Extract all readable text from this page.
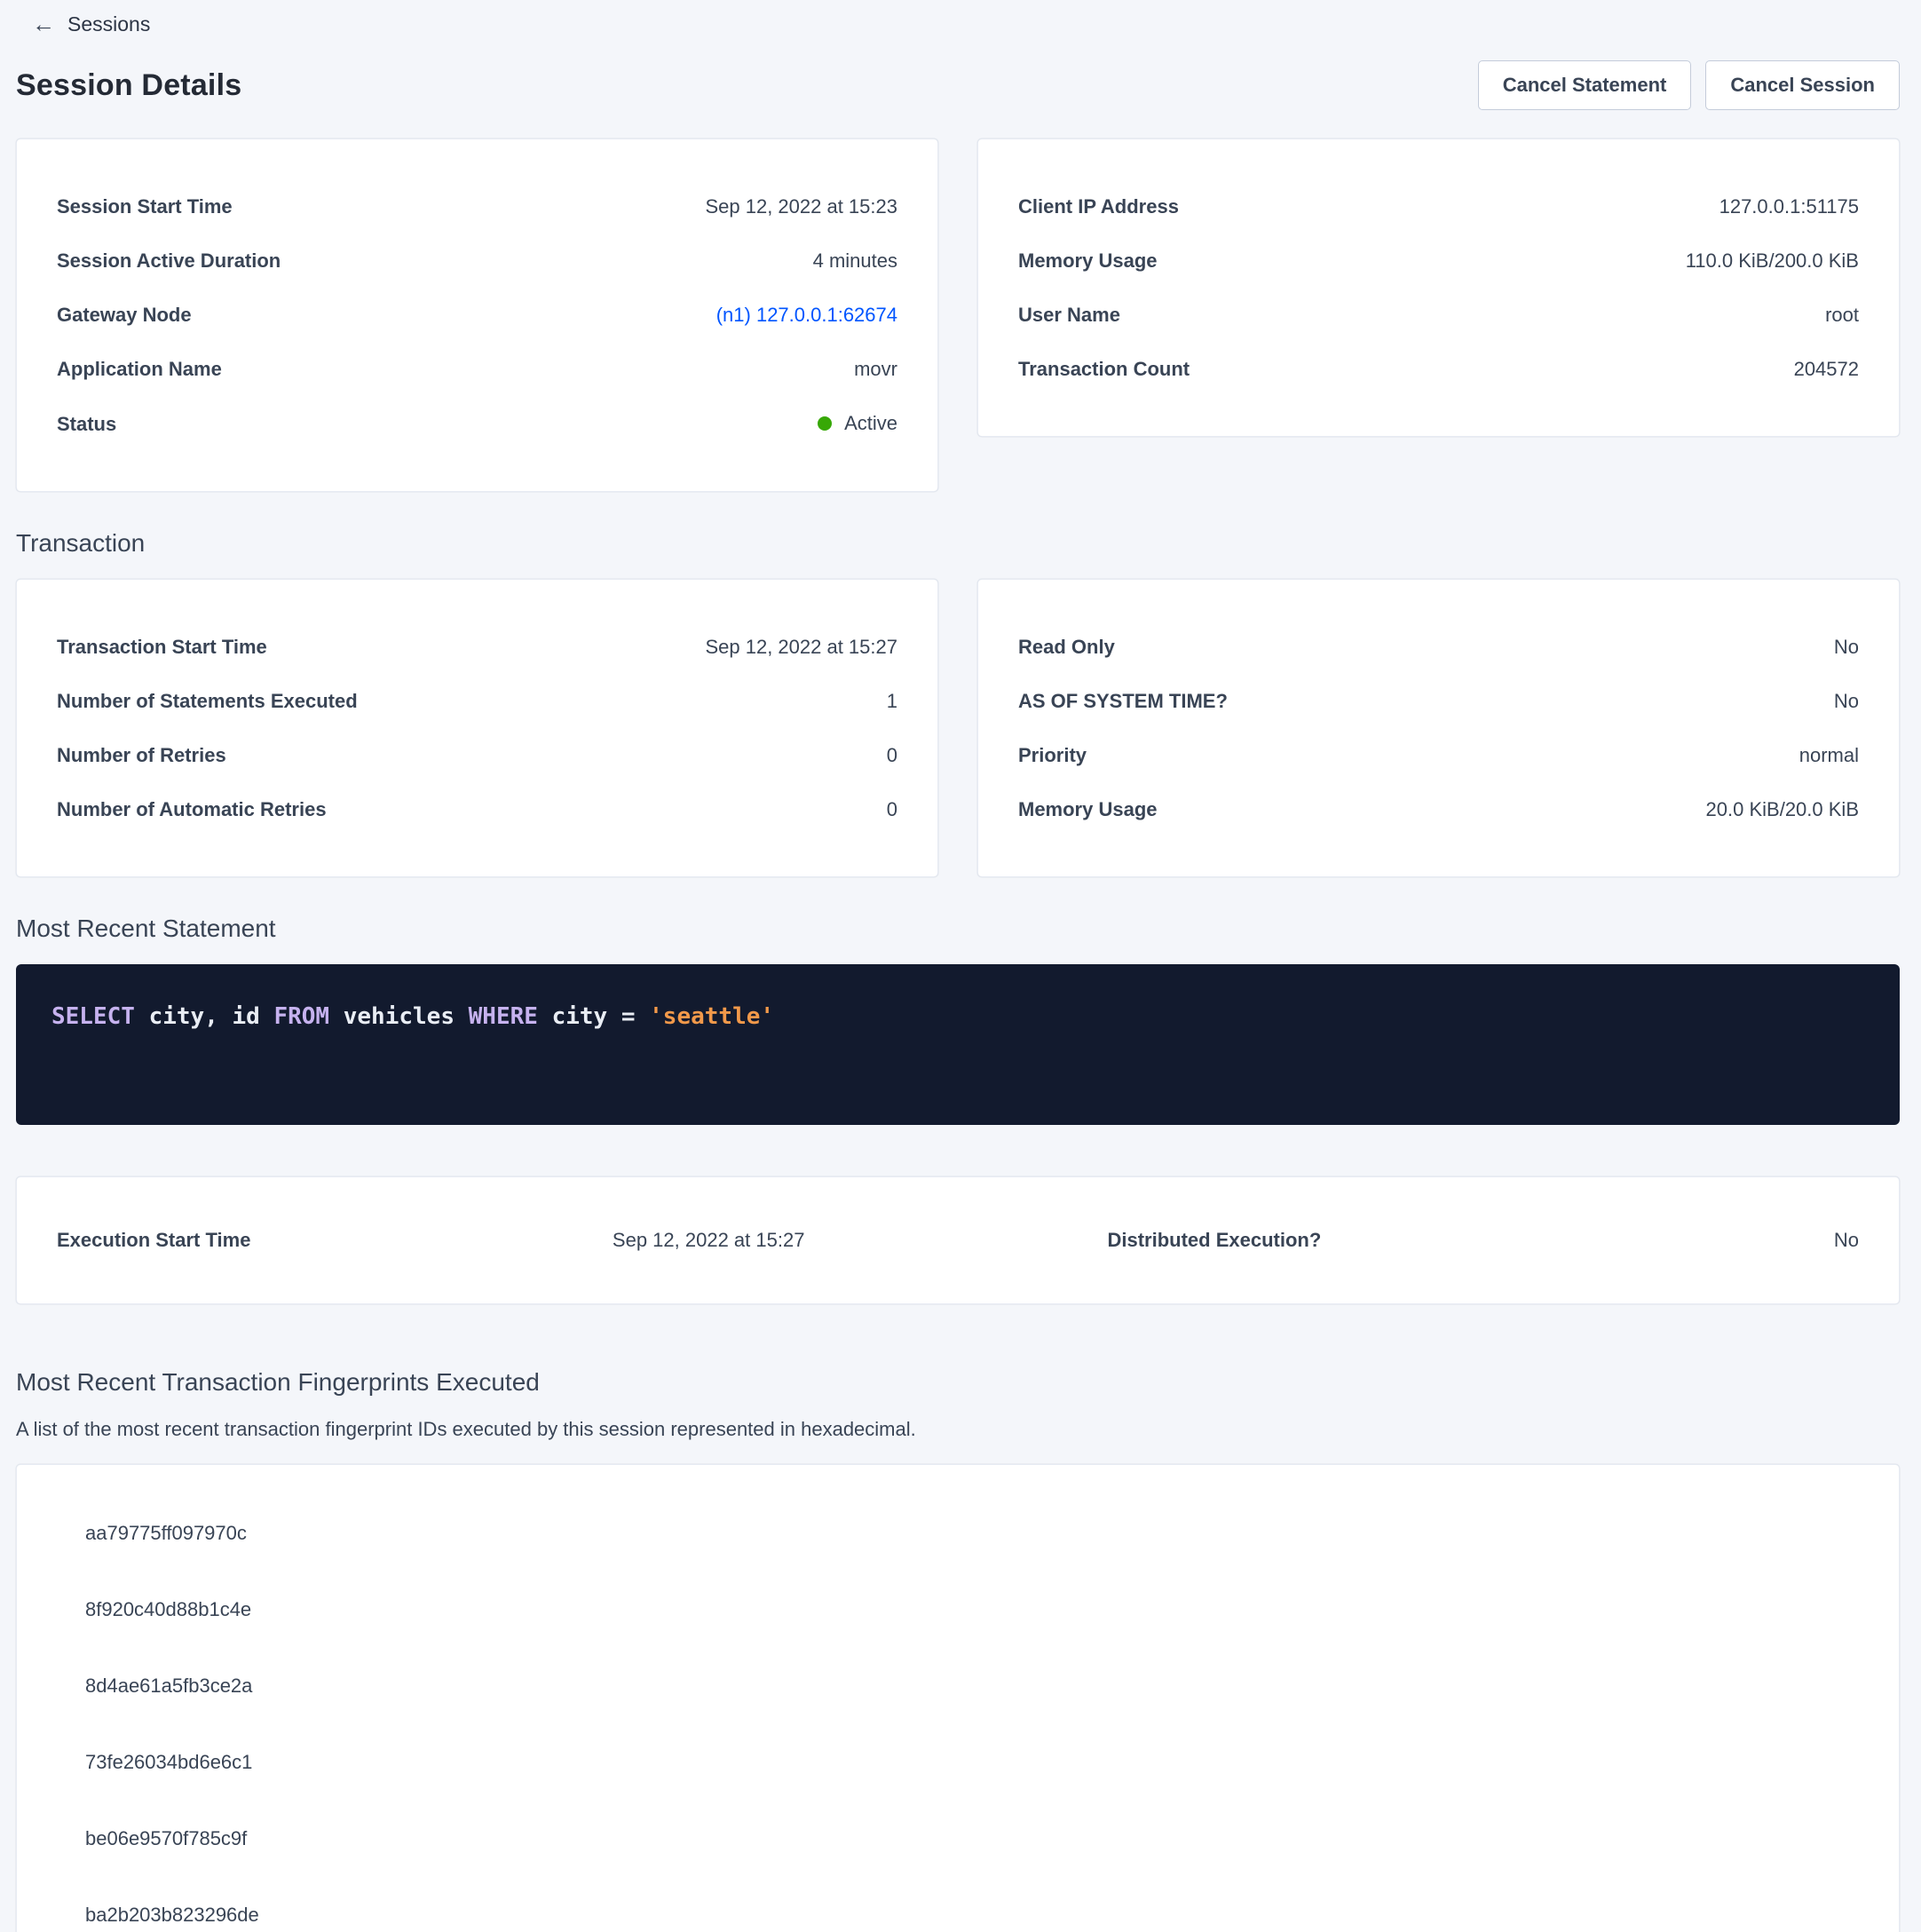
← Sessions
Session Details	Cancel Statement	Cancel Session
Session Start Time	Sep 12, 2022 at 15:23
Session Active Duration	4 minutes
Gateway Node	(n1) 127.0.0.1:62674
Application Name	movr
Status	Active
Client IP Address	127.0.0.1:51175
Memory Usage	110.0 KiB/200.0 KiB
User Name	root
Transaction Count	204572
Transaction
Transaction Start Time	Sep 12, 2022 at 15:27
Number of Statements Executed	1
Number of Retries	0
Number of Automatic Retries	0
Read Only	No
AS OF SYSTEM TIME?	No
Priority	normal
Memory Usage	20.0 KiB/20.0 KiB
Most Recent Statement
SELECT city, id FROM vehicles WHERE city = 'seattle'
Execution Start Time	Sep 12, 2022 at 15:27	Distributed Execution?	No
Most Recent Transaction Fingerprints Executed

A list of the most recent transaction fingerprint IDs executed by this session represented in hexadecimal.

aa79775ff097970c
8f920c40d88b1c4e
8d4ae61a5fb3ce2a
73fe26034bd6e6c1
be06e9570f785c9f
ba2b203b823296de
